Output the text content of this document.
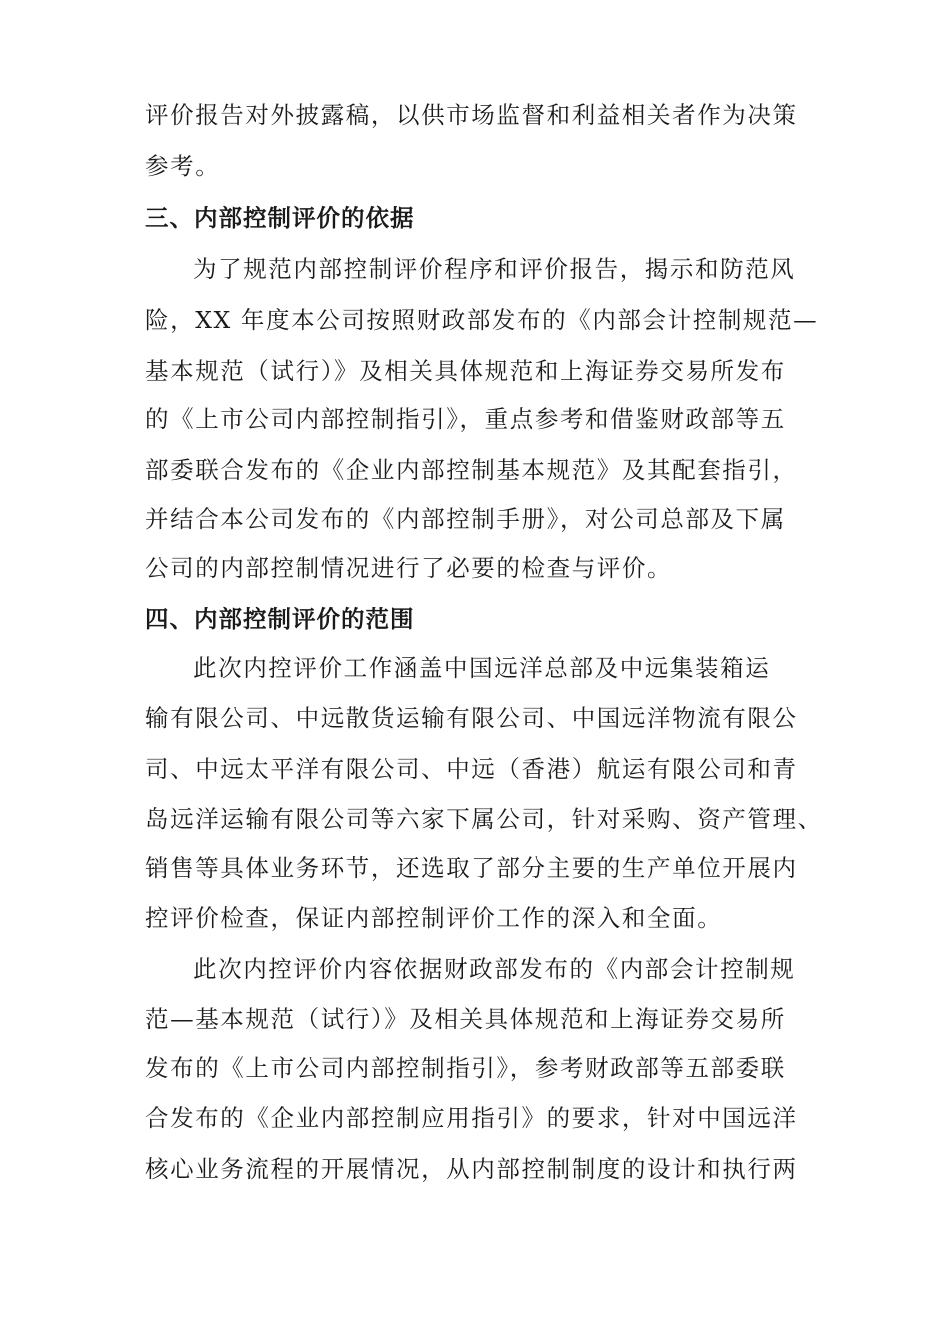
评价报告对外披露稿，以供市场监督和利益相关者作为决策
参考。
三、内部控制评价的依据
为了规范内部控制评价程序和评价报告，揭示和防范风
险，XX 年度本公司按照财政部发布的《内部会计控制规范—
基本规范（试行）》及相关具体规范和上海证券交易所发布
的《上市公司内部控制指引》，重点参考和借鉴财政部等五
部委联合发布的《企业内部控制基本规范》及其配套指引，
并结合本公司发布的《内部控制手册》，对公司总部及下属
公司的内部控制情况进行了必要的检查与评价。
四、内部控制评价的范围
此次内控评价工作涵盖中国远洋总部及中远集装箱运
输有限公司、中远散货运输有限公司、中国远洋物流有限公
司、中远太平洋有限公司、中远（香港）航运有限公司和青
岛远洋运输有限公司等六家下属公司，针对采购、资产管理、
销售等具体业务环节，还选取了部分主要的生产单位开展内
控评价检查，保证内部控制评价工作的深入和全面。
此次内控评价内容依据财政部发布的《内部会计控制规
范—基本规范（试行）》及相关具体规范和上海证券交易所
发布的《上市公司内部控制指引》，参考财政部等五部委联
合发布的《企业内部控制应用指引》的要求，针对中国远洋
核心业务流程的开展情况，从内部控制制度的设计和执行两
